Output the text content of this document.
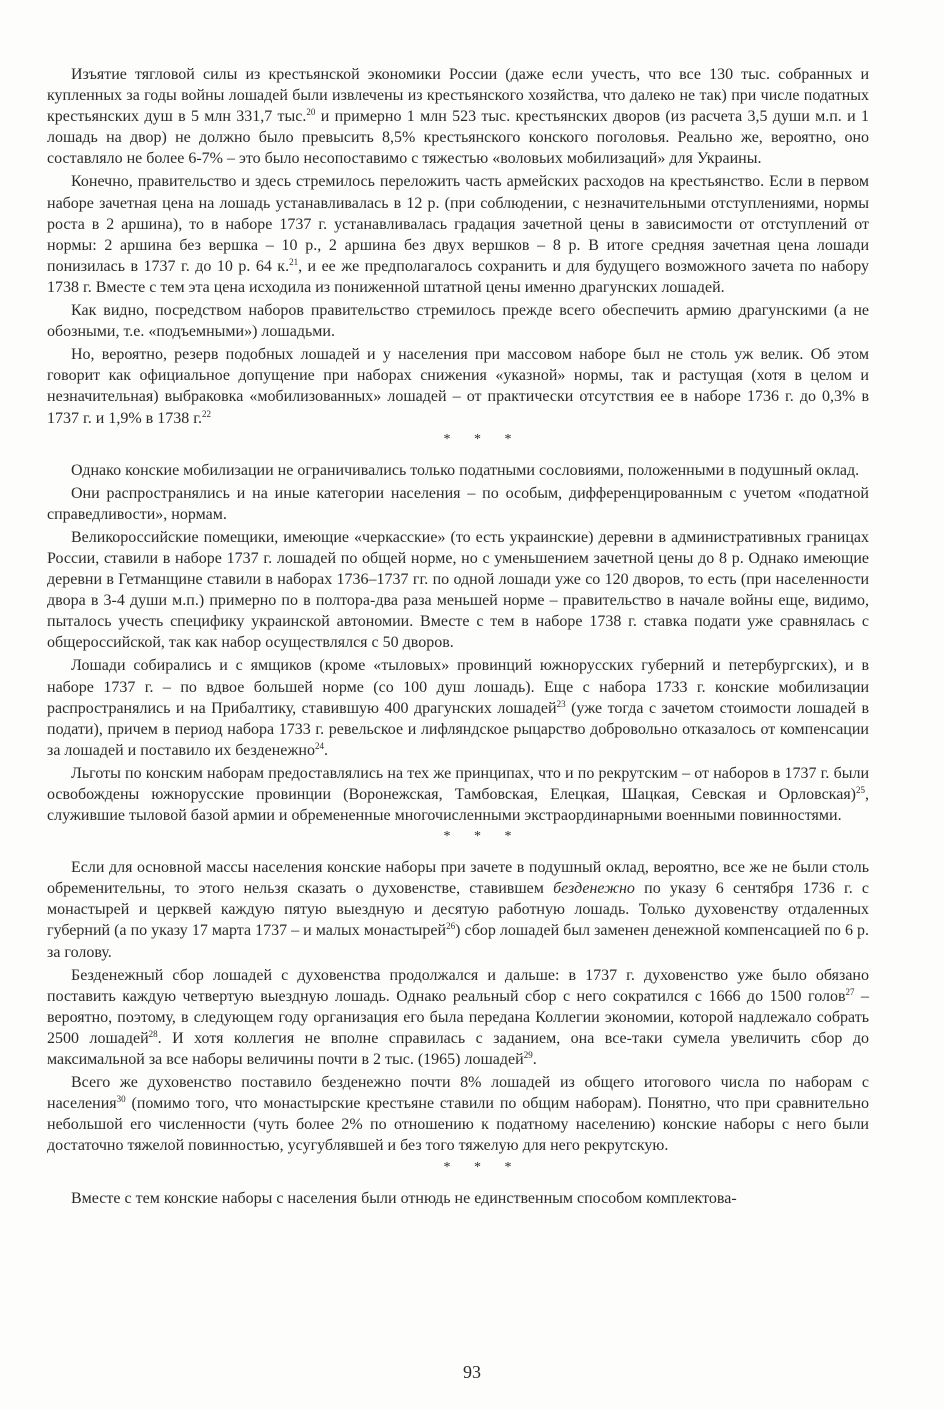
Изъятие тягловой силы из крестьянской экономики России (даже если учесть, что все 130 тыс. собранных и купленных за годы войны лошадей были извлечены из крестьянского хозяйства, что далеко не так) при числе податных крестьянских душ в 5 млн 331,7 тыс.$^{20}$ и примерно 1 млн 523 тыс. крестьянских дворов (из расчета 3,5 души м.п. и 1 лошадь на двор) не должно было превысить 8,5% крестьянского конского поголовья. Реально же, вероятно, оно составляло не более 6-7% – это было несопоставимо с тяжестью «воловьих мобилизаций» для Украины.

Конечно, правительство и здесь стремилось переложить часть армейских расходов на крестьянство. Если в первом наборе зачетная цена на лошадь устанавливалась в 12 р. (при соблюдении, с незначительными отступлениями, нормы роста в 2 аршина), то в наборе 1737 г. устанавливалась градация зачетной цены в зависимости от отступлений от нормы: 2 аршина без вершка – 10 р., 2 аршина без двух вершков – 8 р. В итоге средняя зачетная цена лошади понизилась в 1737 г. до 10 р. 64 к.$^{21}$, и ее же предполагалось сохранить и для будущего возможного зачета по набору 1738 г. Вместе с тем эта цена исходила из пониженной штатной цены именно драгунских лошадей.

Как видно, посредством наборов правительство стремилось прежде всего обеспечить армию драгунскими (а не обозными, т.е. «подъемными») лошадьми.

Но, вероятно, резерв подобных лошадей и у населения при массовом наборе был не столь уж велик. Об этом говорит как официальное допущение при наборах снижения «указной» нормы, так и растущая (хотя в целом и незначительная) выбраковка «мобилизованных» лошадей – от практически отсутствия ее в наборе 1736 г. до 0,3% в 1737 г. и 1,9% в 1738 г.$^{22}$

* * *

Однако конские мобилизации не ограничивались только податными сословиями, положенными в подушный оклад.

Они распространялись и на иные категории населения – по особым, дифференцированным с учетом «податной справедливости», нормам.

Великороссийские помещики, имеющие «черкасские» (то есть украинские) деревни в административных границах России, ставили в наборе 1737 г. лошадей по общей норме, но с уменьшением зачетной цены до 8 р. Однако имеющие деревни в Гетманщине ставили в наборах 1736–1737 гг. по одной лошади уже со 120 дворов, то есть (при населенности двора в 3-4 души м.п.) примерно по в полтора-два раза меньшей норме – правительство в начале войны еще, видимо, пыталось учесть специфику украинской автономии. Вместе с тем в наборе 1738 г. ставка подати уже сравнялась с общероссийской, так как набор осуществлялся с 50 дворов.

Лошади собирались и с ямщиков (кроме «тыловых» провинций южнорусских губерний и петербургских), и в наборе 1737 г. – по вдвое большей норме (со 100 душ лошадь). Еще с набора 1733 г. конские мобилизации распространялись и на Прибалтику, ставившую 400 драгунских лошадей$^{23}$ (уже тогда с зачетом стоимости лошадей в подати), причем в период набора 1733 г. ревельское и лифляндское рыцарство добровольно отказалось от компенсации за лошадей и поставило их безденежно$^{24}$.

Льготы по конским наборам предоставлялись на тех же принципах, что и по рекрутским – от наборов в 1737 г. были освобождены южнорусские провинции (Воронежская, Тамбовская, Елецкая, Шацкая, Севская и Орловская)$^{25}$, служившие тыловой базой армии и обремененные многочисленными экстраординарными военными повинностями.

* * *

Если для основной массы населения конские наборы при зачете в подушный оклад, вероятно, все же не были столь обременительны, то этого нельзя сказать о духовенстве, ставившем безденежно по указу 6 сентября 1736 г. с монастырей и церквей каждую пятую выездную и десятую работную лошадь. Только духовенству отдаленных губерний (а по указу 17 марта 1737 – и малых монастырей$^{26}$) сбор лошадей был заменен денежной компенсацией по 6 р. за голову.

Безденежный сбор лошадей с духовенства продолжался и дальше: в 1737 г. духовенство уже было обязано поставить каждую четвертую выездную лошадь. Однако реальный сбор с него сократился с 1666 до 1500 голов$^{27}$ – вероятно, поэтому, в следующем году организация его была передана Коллегии экономии, которой надлежало собрать 2500 лошадей$^{28}$. И хотя коллегия не вполне справилась с заданием, она все-таки сумела увеличить сбор до максимальной за все наборы величины почти в 2 тыс. (1965) лошадей$^{29}$.

Всего же духовенство поставило безденежно почти 8% лошадей из общего итогового числа по наборам с населения$^{30}$ (помимо того, что монастырские крестьяне ставили по общим наборам). Понятно, что при сравнительно небольшой его численности (чуть более 2% по отношению к податному населению) конские наборы с него были достаточно тяжелой повинностью, усугублявшей и без того тяжелую для него рекрутскую.

* * *

Вместе с тем конские наборы с населения были отнюдь не единственным способом комплектова-

93
